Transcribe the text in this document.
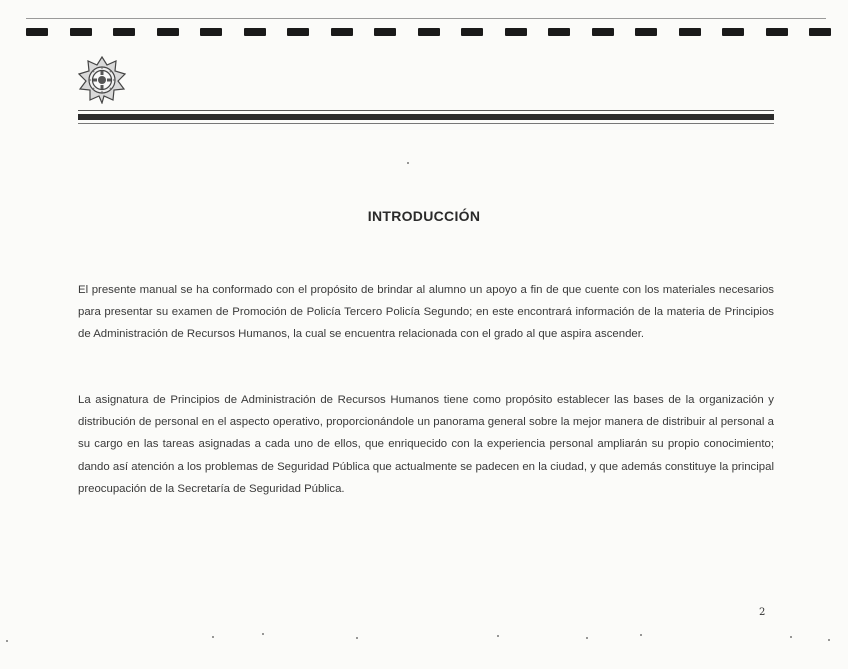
INTRODUCCIÓN

El presente manual se ha conformado con el propósito de brindar al alumno un apoyo a fin de que cuente con los materiales necesarios para presentar su examen de Promoción de Policía Tercero Policía Segundo; en este encontrará información de la materia de Principios de Administración de Recursos Humanos, la cual se encuentra relacionada con el grado al que aspira ascender.

La asignatura de Principios de Administración de Recursos Humanos tiene como propósito establecer las bases de la organización y distribución de personal en el aspecto operativo, proporcionándole un panorama general sobre la mejor manera de distribuir al personal a su cargo en las tareas asignadas a cada uno de ellos, que enriquecido con la experiencia personal ampliarán su propio conocimiento; dando así atención a los problemas de Seguridad Pública que actualmente se padecen en la ciudad, y que además constituye la principal preocupación de la Secretaría de Seguridad Pública.

2
